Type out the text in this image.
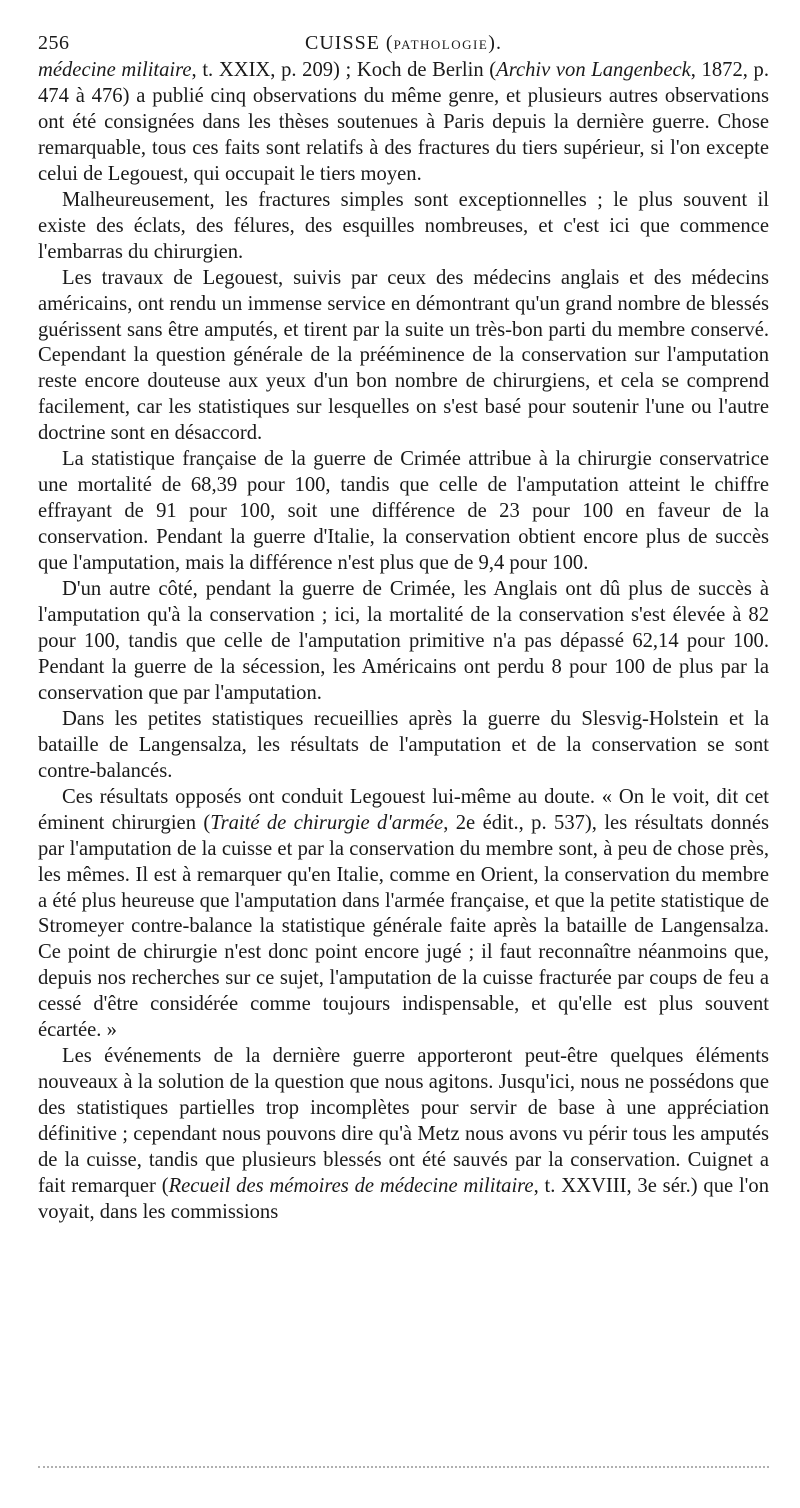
256	CUISSE (PATHOLOGIE).

médecine militaire, t. XXIX, p. 209) ; Koch de Berlin (Archiv von Langenbeck, 1872, p. 474 à 476) a publié cinq observations du même genre, et plusieurs autres observations ont été consignées dans les thèses soutenues à Paris depuis la dernière guerre. Chose remarquable, tous ces faits sont relatifs à des fractures du tiers supérieur, si l'on excepte celui de Legouest, qui occupait le tiers moyen.

Malheureusement, les fractures simples sont exceptionnelles ; le plus souvent il existe des éclats, des félures, des esquilles nombreuses, et c'est ici que commence l'embarras du chirurgien.

Les travaux de Legouest, suivis par ceux des médecins anglais et des médecins américains, ont rendu un immense service en démontrant qu'un grand nombre de blessés guérissent sans être amputés, et tirent par la suite un très-bon parti du membre conservé. Cependant la question générale de la prééminence de la conservation sur l'amputation reste encore douteuse aux yeux d'un bon nombre de chirurgiens, et cela se comprend facilement, car les statistiques sur lesquelles on s'est basé pour soutenir l'une ou l'autre doctrine sont en désaccord.

La statistique française de la guerre de Crimée attribue à la chirurgie conservatrice une mortalité de 68,39 pour 100, tandis que celle de l'amputation atteint le chiffre effrayant de 91 pour 100, soit une différence de 23 pour 100 en faveur de la conservation. Pendant la guerre d'Italie, la conservation obtient encore plus de succès que l'amputation, mais la différence n'est plus que de 9,4 pour 100.

D'un autre côté, pendant la guerre de Crimée, les Anglais ont dû plus de succès à l'amputation qu'à la conservation ; ici, la mortalité de la conservation s'est élevée à 82 pour 100, tandis que celle de l'amputation primitive n'a pas dépassé 62,14 pour 100. Pendant la guerre de la sécession, les Américains ont perdu 8 pour 100 de plus par la conservation que par l'amputation.

Dans les petites statistiques recueillies après la guerre du Slesvig-Holstein et la bataille de Langensalza, les résultats de l'amputation et de la conservation se sont contre-balancés.

Ces résultats opposés ont conduit Legouest lui-même au doute. « On le voit, dit cet éminent chirurgien (Traité de chirurgie d'armée, 2e édit., p. 537), les résultats donnés par l'amputation de la cuisse et par la conservation du membre sont, à peu de chose près, les mêmes. Il est à remarquer qu'en Italie, comme en Orient, la conservation du membre a été plus heureuse que l'amputation dans l'armée française, et que la petite statistique de Stromeyer contre-balance la statistique générale faite après la bataille de Langensalza. Ce point de chirurgie n'est donc point encore jugé ; il faut reconnaître néanmoins que, depuis nos recherches sur ce sujet, l'amputation de la cuisse fracturée par coups de feu a cessé d'être considérée comme toujours indispensable, et qu'elle est plus souvent écartée. »

Les événements de la dernière guerre apporteront peut-être quelques éléments nouveaux à la solution de la question que nous agitons. Jusqu'ici, nous ne possédons que des statistiques partielles trop incomplètes pour servir de base à une appréciation définitive ; cependant nous pouvons dire qu'à Metz nous avons vu périr tous les amputés de la cuisse, tandis que plusieurs blessés ont été sauvés par la conservation. Cuignet a fait remarquer (Recueil des mémoires de médecine militaire, t. XXVIII, 3e sér.) que l'on voyait, dans les commissions
